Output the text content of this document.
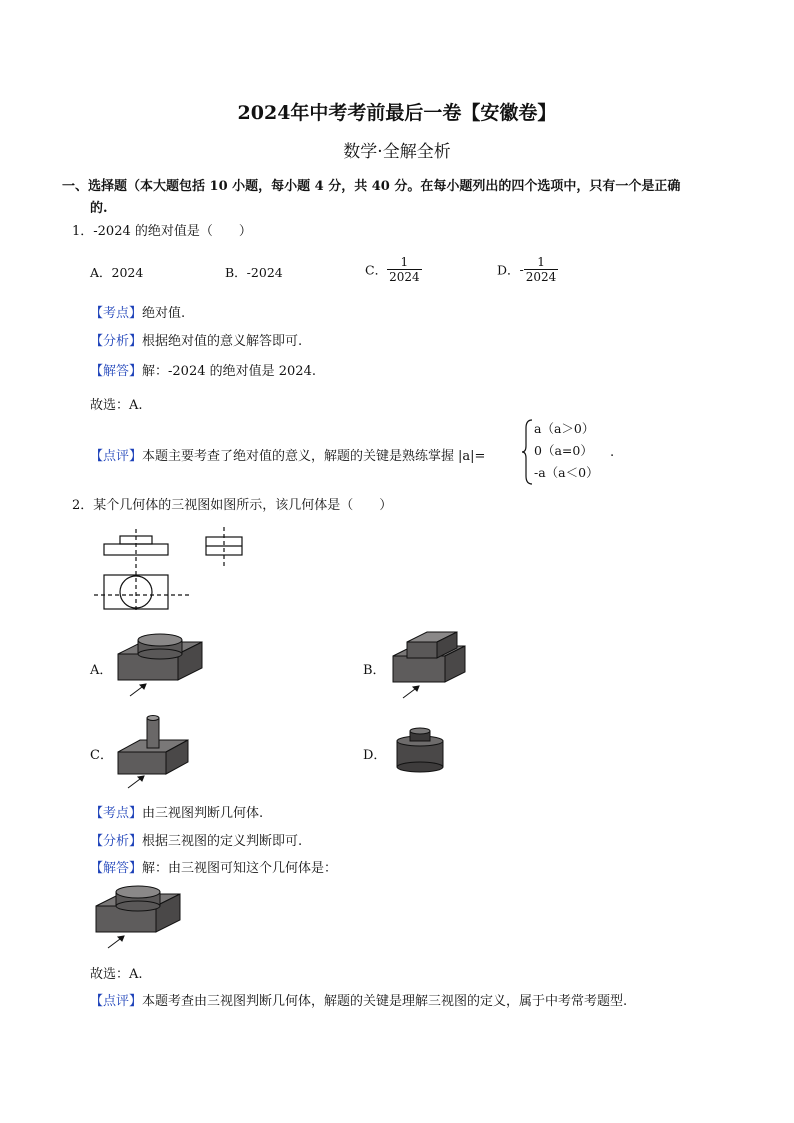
2024年中考考前最后一卷【安徽卷】
数学·全解全析
一、选择题（本大题包括 10 小题，每小题 4 分，共 40 分。在每小题列出的四个选项中，只有一个是正确
的.
1．-2024 的绝对值是（　　）
A．2024	B．-2024	C． $\frac{1}{2024}$	D．- $\frac{1}{2024}$
【考点】绝对值.
【分析】根据绝对值的意义解答即可.
【解答】解：-2024 的绝对值是 2024.
故选：A.
【点评】本题主要考查了绝对值的意义，解题的关键是熟练掌握 |a|=
a（a＞0）
0（a=0）
-a（a＜0）
.
2．某个几何体的三视图如图所示，该几何体是（　　）
A．	B．
C．	D．
【考点】由三视图判断几何体.
【分析】根据三视图的定义判断即可.
【解答】解：由三视图可知这个几何体是：
故选：A.
【点评】本题考查由三视图判断几何体，解题的关键是理解三视图的定义，属于中考常考题型.
